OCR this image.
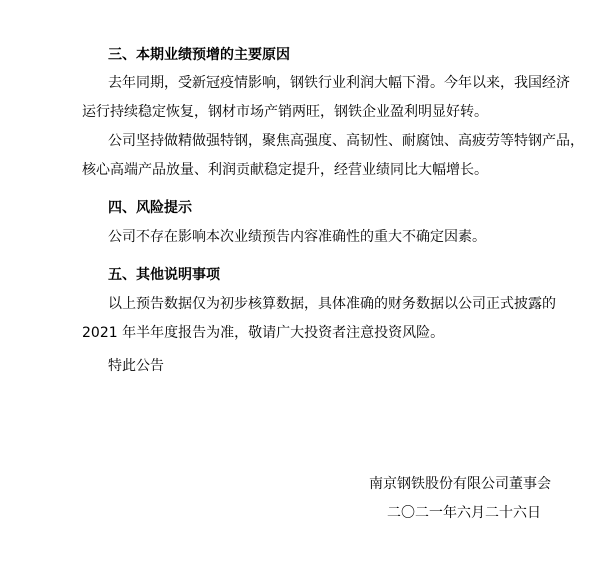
三、本期业绩预增的主要原因
去年同期，受新冠疫情影响，钢铁行业利润大幅下滑。今年以来，我国经济
运行持续稳定恢复，钢材市场产销两旺，钢铁企业盈利明显好转。
公司坚持做精做强特钢，聚焦高强度、高韧性、耐腐蚀、高疲劳等特钢产品，
核心高端产品放量、利润贡献稳定提升，经营业绩同比大幅增长。
四、风险提示
公司不存在影响本次业绩预告内容准确性的重大不确定因素。
五、其他说明事项
以上预告数据仅为初步核算数据，具体准确的财务数据以公司正式披露的
2021 年半年度报告为准，敬请广大投资者注意投资风险。
特此公告
南京钢铁股份有限公司董事会
二〇二一年六月二十六日
